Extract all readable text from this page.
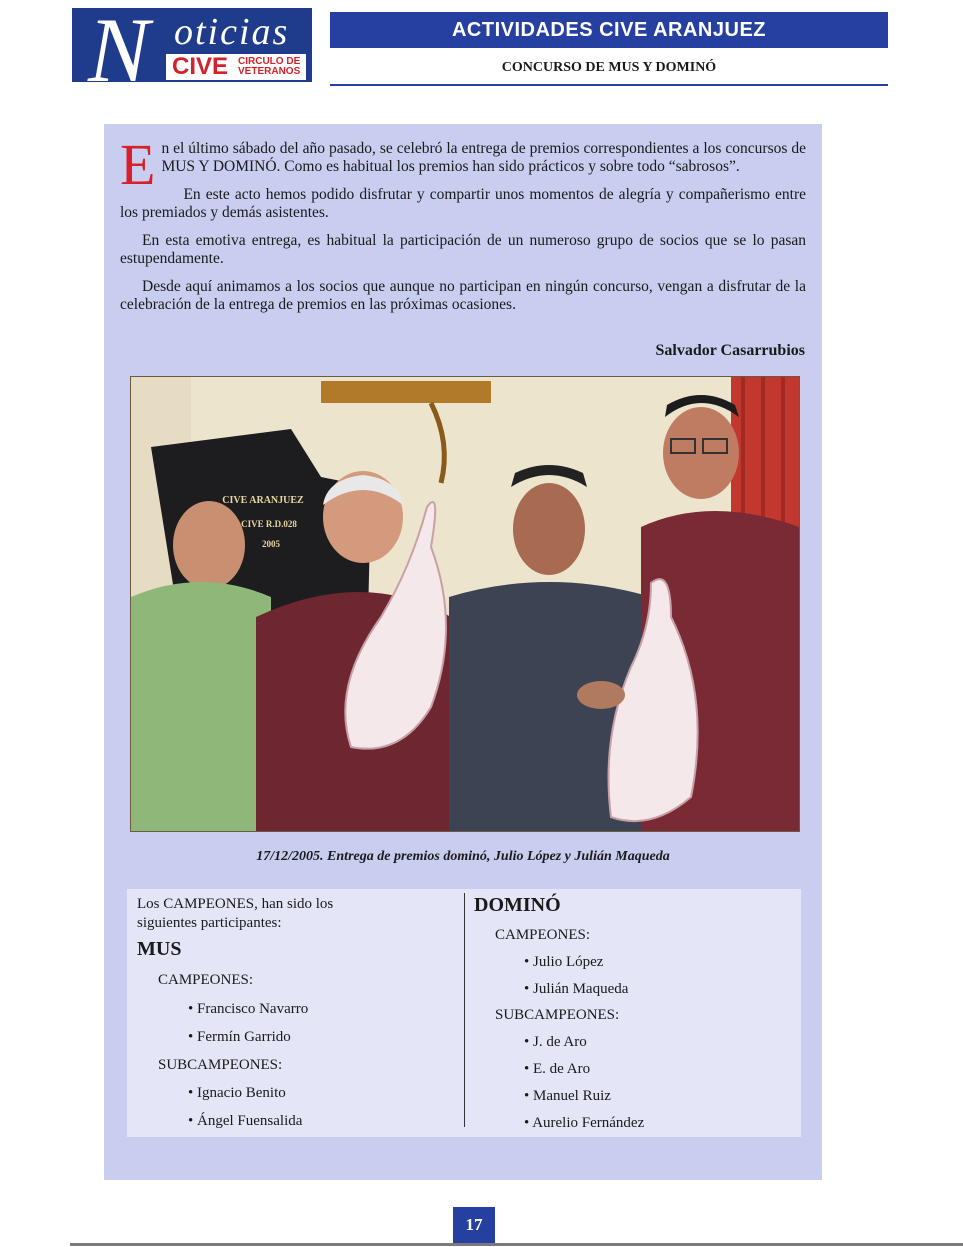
N oticias
CIVE CIRCULO DE
VETERANOS
ACTIVIDADES CIVE ARANJUEZ
CONCURSO DE MUS Y DOMINÓ

En el último sábado del año pasado, se celebró la entrega de premios correspondientes a los concursos de MUS Y DOMINÓ. Como es habitual los premios han sido prácticos y sobre todo “sabrosos”.

En este acto hemos podido disfrutar y compartir unos momentos de alegría y compañerismo entre los premiados y demás asistentes.

En esta emotiva entrega, es habitual la participación de un numeroso grupo de socios que se lo pasan estupendamente.

Desde aquí animamos a los socios que aunque no participan en ningún concurso, vengan a disfrutar de la celebración de la entrega de premios en las próximas ocasiones.

Salvador Casarrubios
CIVE ARANJUEZ
CIVE R.D.028
2005
17/12/2005. Entrega de premios dominó, Julio López y Julián Maqueda
Los CAMPEONES, han sido los
siguientes participantes:
MUS
CAMPEONES:
• Francisco Navarro
• Fermín Garrido
SUBCAMPEONES:
• Ignacio Benito
• Ángel Fuensalida
DOMINÓ
CAMPEONES:
• Julio López
• Julián Maqueda
SUBCAMPEONES:
• J. de Aro
• E. de Aro
• Manuel Ruiz
• Aurelio Fernández
17
